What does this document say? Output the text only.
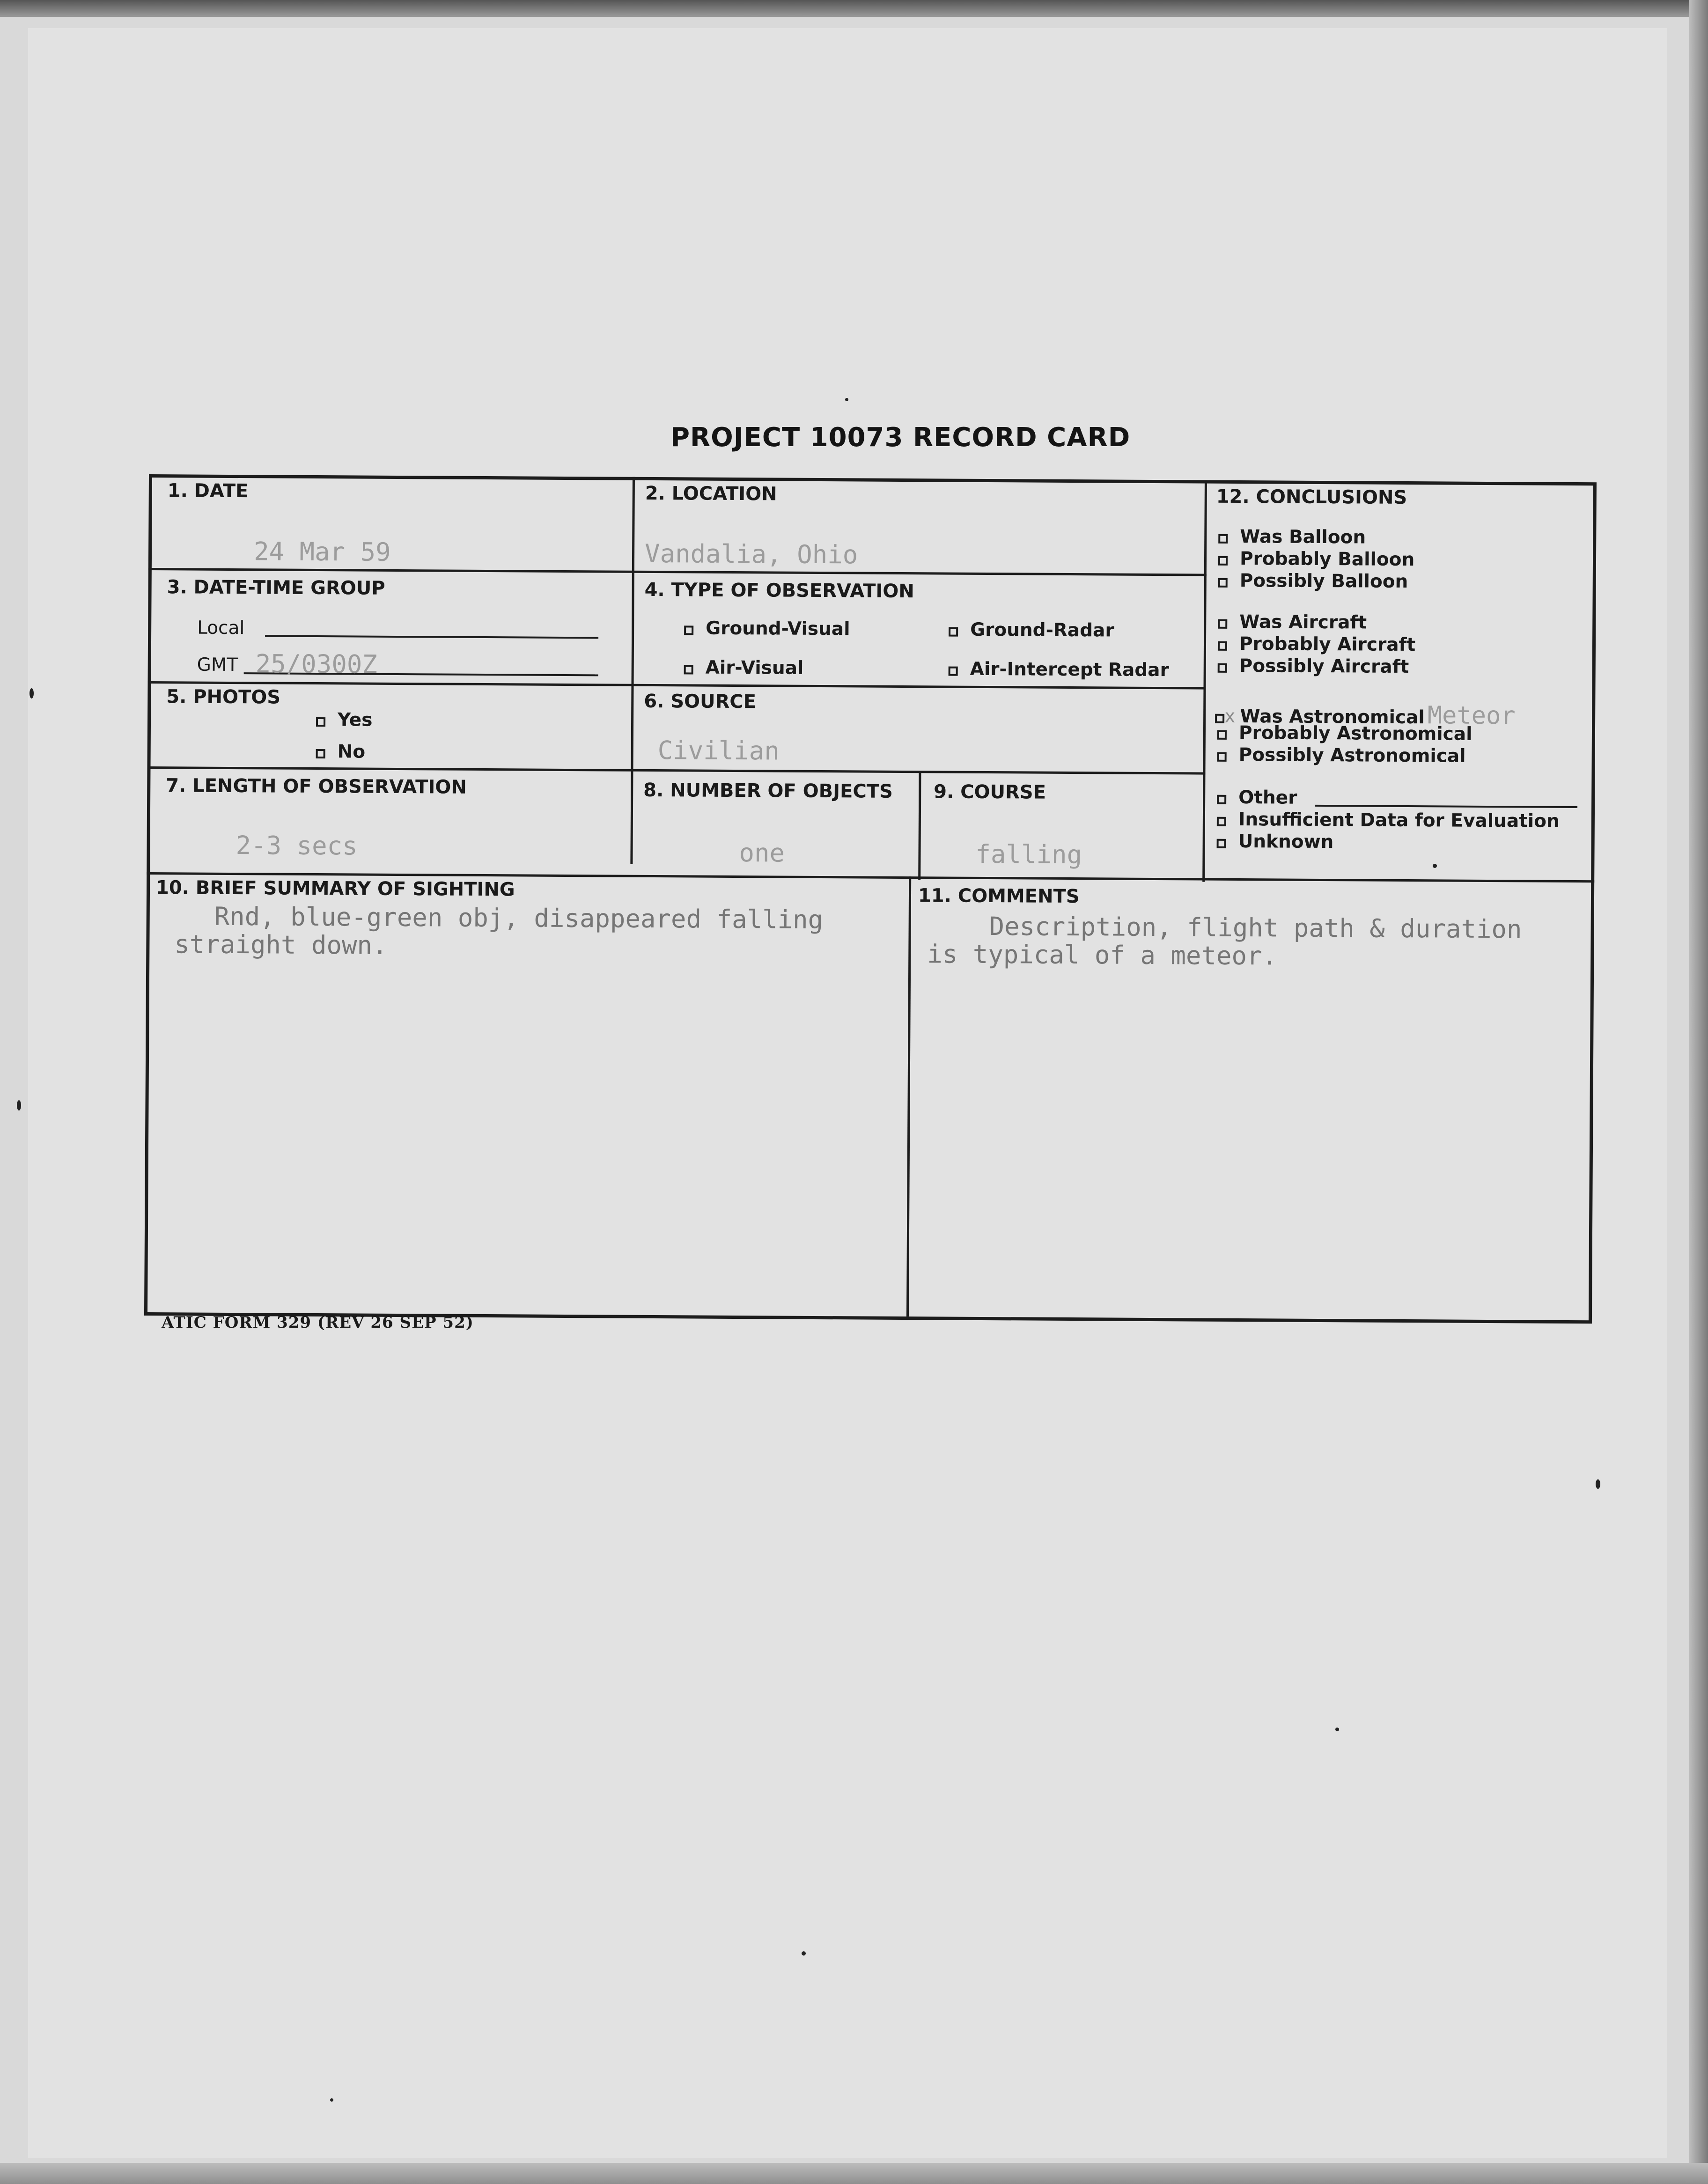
PROJECT 10073 RECORD CARD
1. DATE
24 Mar 59
2. LOCATION
Vandalia, Ohio
3. DATE-TIME GROUP
Local
GMT 25/0300Z
4. TYPE OF OBSERVATION
Ground-Visual	Ground-Radar
Air-Visual	Air-Intercept Radar
5. PHOTOS
Yes
No
6. SOURCE
Civilian
7. LENGTH OF OBSERVATION
2-3 secs
8. NUMBER OF OBJECTS
one
9. COURSE
falling
10. BRIEF SUMMARY OF SIGHTING
Rnd, blue-green obj, disappeared falling
straight down.
11. COMMENTS
Description, flight path & duration
is typical of a meteor.
12. CONCLUSIONS
Was Balloon
Probably Balloon
Possibly Balloon
Was Aircraft
Probably Aircraft
Possibly Aircraft
x Was Astronomical Meteor
Probably Astronomical
Possibly Astronomical
Other
Insufficient Data for Evaluation
Unknown
ATIC FORM 329 (REV 26 SEP 52)
